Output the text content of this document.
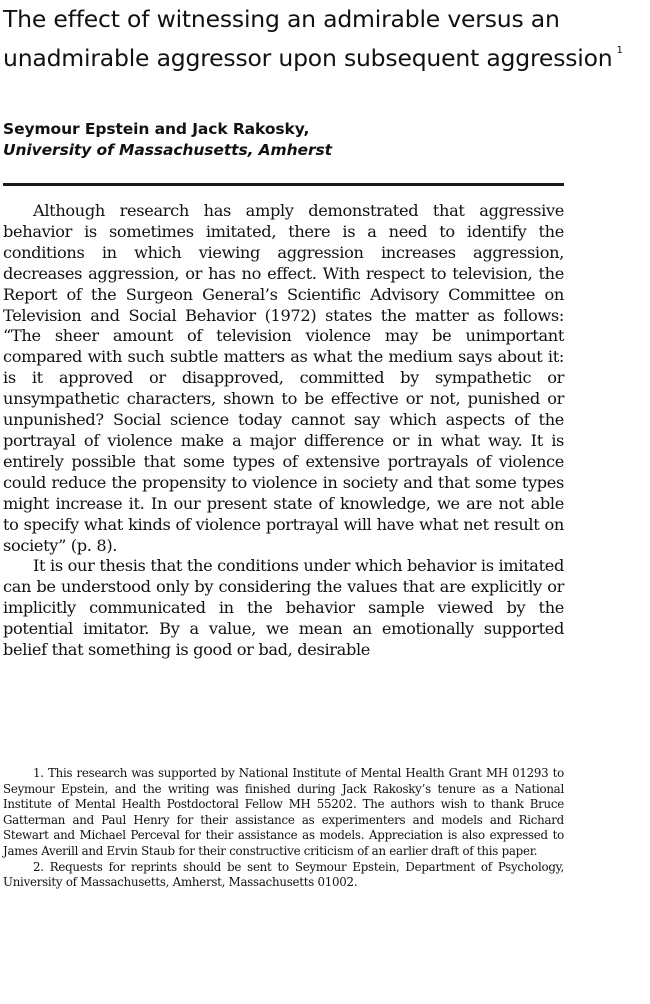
The effect of witnessing an admirable versus an unadmirable aggressor upon subsequent aggression $^1$
Seymour Epstein and Jack Rakosky,
University of Massachusetts, Amherst

Although research has amply demonstrated that aggressive behavior is sometimes imitated, there is a need to identify the conditions in which viewing aggression increases aggression, decreases aggression, or has no effect. With respect to television, the Report of the Surgeon General’s Scientific Advisory Committee on Television and Social Behavior (1972) states the matter as follows: “The sheer amount of television violence may be unimportant compared with such subtle matters as what the medium says about it: is it approved or disapproved, committed by sympathetic or unsympathetic characters, shown to be effective or not, punished or unpunished? Social science today cannot say which aspects of the portrayal of violence make a major difference or in what way. It is entirely possible that some types of extensive portrayals of violence could reduce the propensity to violence in society and that some types might increase it. In our present state of knowledge, we are not able to specify what kinds of violence portrayal will have what net result on society” (p. 8).

It is our thesis that the conditions under which behavior is imitated can be understood only by considering the values that are explicitly or implicitly communicated in the behavior sample viewed by the potential imitator. By a value, we mean an emotionally supported belief that something is good or bad, desirable

1. This research was supported by National Institute of Mental Health Grant MH 01293 to Seymour Epstein, and the writing was finished during Jack Rakosky’s tenure as a National Institute of Mental Health Postdoctoral Fellow MH 55202. The authors wish to thank Bruce Gatterman and Paul Henry for their assistance as experimenters and models and Richard Stewart and Michael Perceval for their assistance as models. Appreciation is also expressed to James Averill and Ervin Staub for their constructive criticism of an earlier draft of this paper.

2. Requests for reprints should be sent to Seymour Epstein, Department of Psychology, University of Massachusetts, Amherst, Massachusetts 01002.
